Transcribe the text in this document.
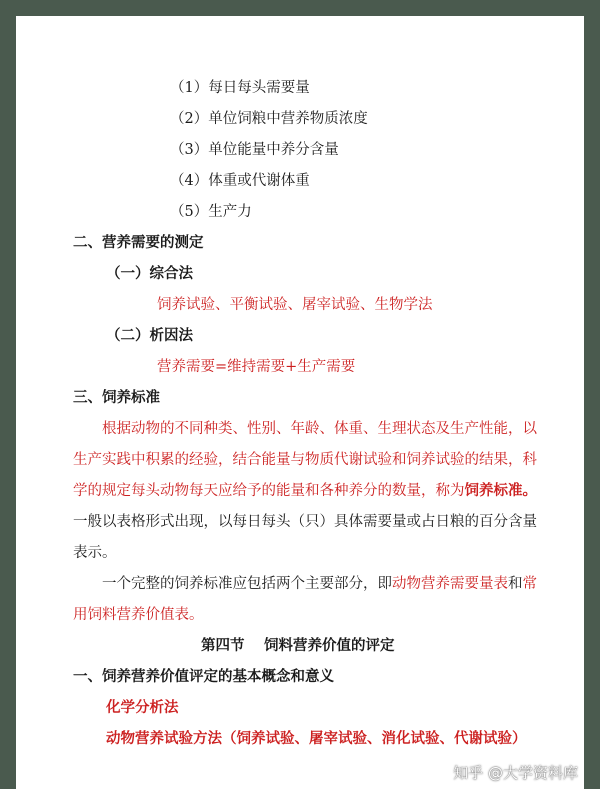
（1）每日每头需要量
（2）单位饲粮中营养物质浓度
（3）单位能量中养分含量
（4）体重或代谢体重
（5）生产力
二、营养需要的测定
（一）综合法
饲养试验、平衡试验、屠宰试验、生物学法
（二）析因法
营养需要=维持需要+生产需要
三、饲养标准
根据动物的不同种类、性别、年龄、体重、生理状态及生产性能，以
生产实践中积累的经验，结合能量与物质代谢试验和饲养试验的结果，科
学的规定每头动物每天应给予的能量和各种养分的数量，称为饲养标准。
一般以表格形式出现，以每日每头（只）具体需要量或占日粮的百分含量
表示。
一个完整的饲养标准应包括两个主要部分，即动物营养需要量表和常
用饲料营养价值表。
第四节　 饲料营养价值的评定
一、饲养营养价值评定的基本概念和意义
化学分析法
动物营养试验方法（饲养试验、屠宰试验、消化试验、代谢试验）
知乎 @大学资料库
